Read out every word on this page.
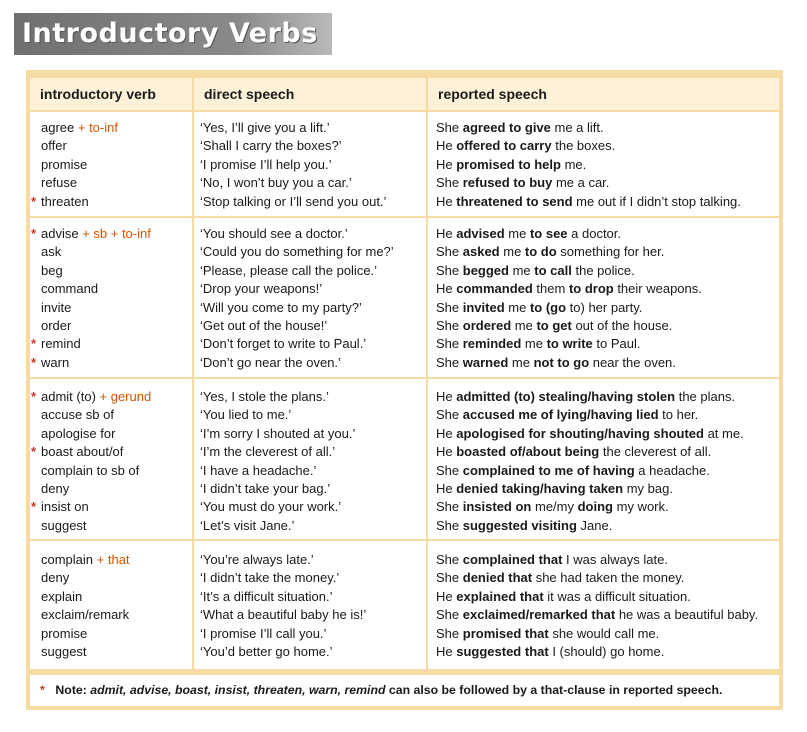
Introductory Verbs
introductory verb	direct speech	reported speech
agree + to-inf
offer
promise
refuse
* threaten
‘Yes, I’ll give you a lift.’
‘Shall I carry the boxes?’
‘I promise I’ll help you.’
‘No, I won’t buy you a car.’
‘Stop talking or I’ll send you out.’
She agreed to give me a lift.
He offered to carry the boxes.
He promised to help me.
She refused to buy me a car.
He threatened to send me out if I didn’t stop talking.
* advise + sb + to-inf
ask
beg
command
invite
order
* remind
* warn
‘You should see a doctor.’
‘Could you do something for me?’
‘Please, please call the police.’
‘Drop your weapons!’
‘Will you come to my party?’
‘Get out of the house!’
‘Don’t forget to write to Paul.’
‘Don’t go near the oven.’
He advised me to see a doctor.
She asked me to do something for her.
She begged me to call the police.
He commanded them to drop their weapons.
She invited me to (go to) her party.
She ordered me to get out of the house.
She reminded me to write to Paul.
She warned me not to go near the oven.
* admit (to) + gerund
accuse sb of
apologise for
* boast about/of
complain to sb of
deny
* insist on
suggest
‘Yes, I stole the plans.’
‘You lied to me.’
‘I’m sorry I shouted at you.’
‘I’m the cleverest of all.’
‘I have a headache.’
‘I didn’t take your bag.’
‘You must do your work.’
‘Let’s visit Jane.’
He admitted (to) stealing/having stolen the plans.
She accused me of lying/having lied to her.
He apologised for shouting/having shouted at me.
He boasted of/about being the cleverest of all.
She complained to me of having a headache.
He denied taking/having taken my bag.
She insisted on me/my doing my work.
She suggested visiting Jane.
complain + that
deny
explain
exclaim/remark
promise
suggest
‘You’re always late.’
‘I didn’t take the money.’
‘It’s a difficult situation.’
‘What a beautiful baby he is!’
‘I promise I’ll call you.’
‘You’d better go home.’
She complained that I was always late.
She denied that she had taken the money.
He explained that it was a difficult situation.
She exclaimed/remarked that he was a beautiful baby.
She promised that she would call me.
He suggested that I (should) go home.
* Note: admit, advise, boast, insist, threaten, warn, remind can also be followed by a that-clause in reported speech.
